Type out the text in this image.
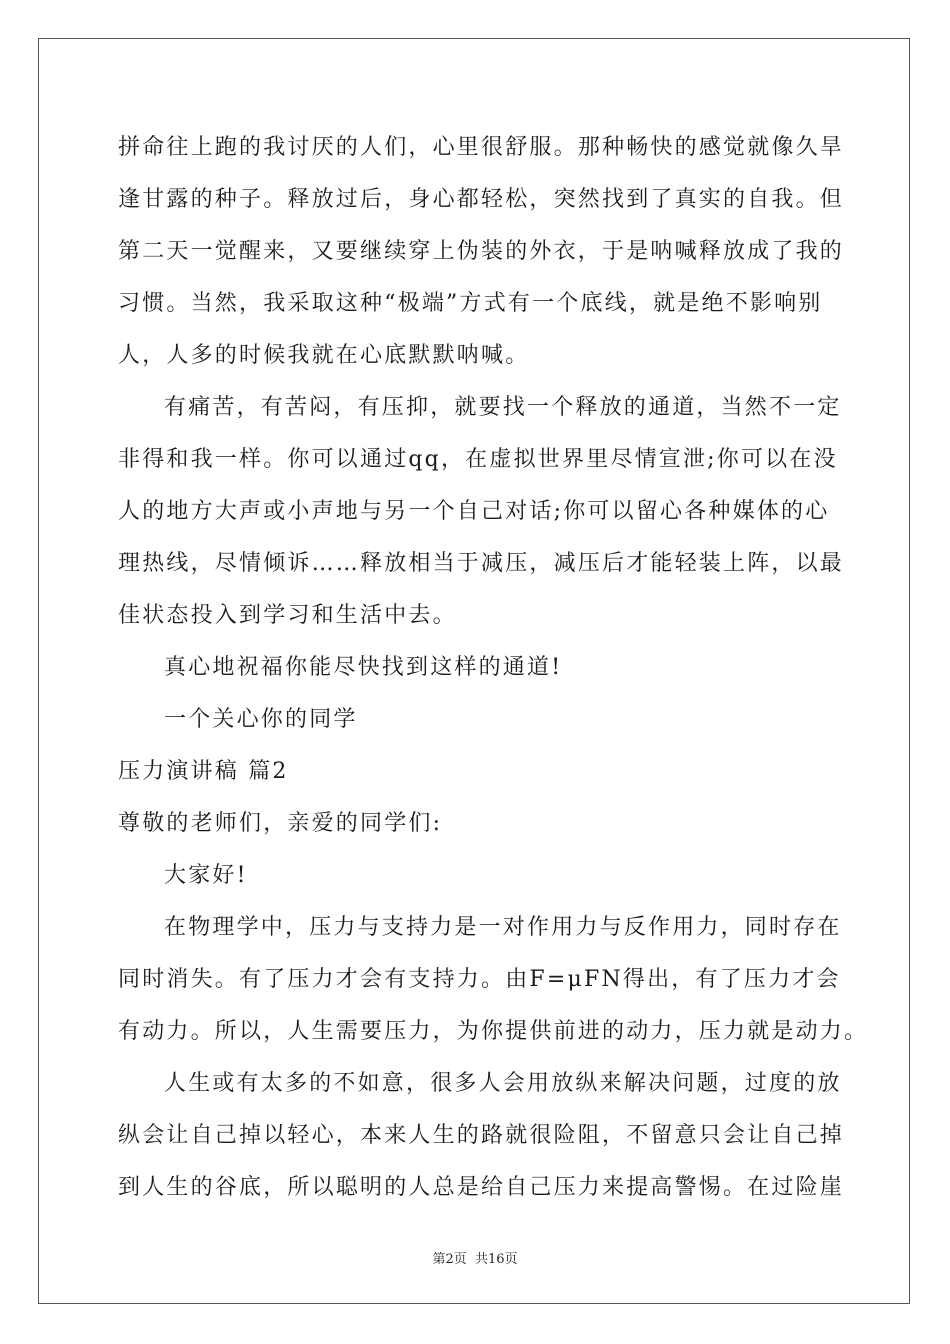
拼命往上跑的我讨厌的人们，心里很舒服。那种畅快的感觉就像久旱
逢甘露的种子。释放过后，身心都轻松，突然找到了真实的自我。但
第二天一觉醒来，又要继续穿上伪装的外衣，于是呐喊释放成了我的
习惯。当然，我采取这种“极端”方式有一个底线，就是绝不影响别
人，人多的时候我就在心底默默呐喊。
有痛苦，有苦闷，有压抑，就要找一个释放的通道，当然不一定
非得和我一样。你可以通过qq，在虚拟世界里尽情宣泄;你可以在没
人的地方大声或小声地与另一个自己对话;你可以留心各种媒体的心
理热线，尽情倾诉……释放相当于减压，减压后才能轻装上阵，以最
佳状态投入到学习和生活中去。
真心地祝福你能尽快找到这样的通道!
一个关心你的同学
压力演讲稿 篇2
尊敬的老师们，亲爱的同学们:
大家好!
在物理学中，压力与支持力是一对作用力与反作用力，同时存在
同时消失。有了压力才会有支持力。由F=μFN得出，有了压力才会
有动力。所以，人生需要压力，为你提供前进的动力，压力就是动力。
人生或有太多的不如意，很多人会用放纵来解决问题，过度的放
纵会让自己掉以轻心，本来人生的路就很险阻，不留意只会让自己掉
到人生的谷底，所以聪明的人总是给自己压力来提高警惕。在过险崖
第2页 共16页
